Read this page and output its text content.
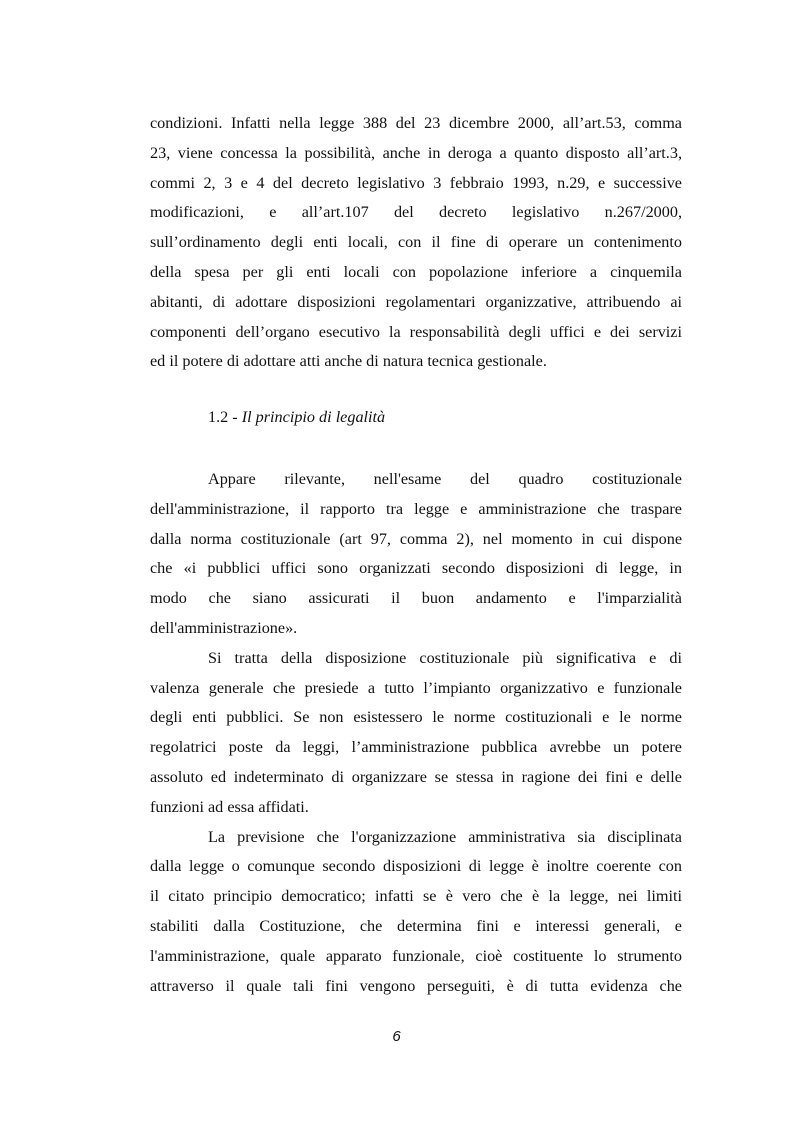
condizioni. Infatti nella legge 388 del 23 dicembre 2000, all’art.53, comma
23, viene concessa la possibilità, anche in deroga a quanto disposto all’art.3,
commi 2, 3 e 4 del decreto legislativo 3 febbraio 1993, n.29, e successive
modificazioni, e all’art.107 del decreto legislativo n.267/2000,
sull’ordinamento degli enti locali, con il fine di operare un contenimento
della spesa per gli enti locali con popolazione inferiore a cinquemila
abitanti, di adottare disposizioni regolamentari organizzative, attribuendo ai
componenti dell’organo esecutivo la responsabilità degli uffici e dei servizi
ed il potere di adottare atti anche di natura tecnica gestionale.
1.2 - Il principio di legalità
Appare rilevante, nell'esame del quadro costituzionale
dell'amministrazione, il rapporto tra legge e amministrazione che traspare
dalla norma costituzionale (art 97, comma 2), nel momento in cui dispone
che «i pubblici uffici sono organizzati secondo disposizioni di legge, in
modo che siano assicurati il buon andamento e l'imparzialità
dell'amministrazione».
Si tratta della disposizione costituzionale più significativa e di
valenza generale che presiede a tutto l’impianto organizzativo e funzionale
degli enti pubblici. Se non esistessero le norme costituzionali e le norme
regolatrici poste da leggi, l’amministrazione pubblica avrebbe un potere
assoluto ed indeterminato di organizzare se stessa in ragione dei fini e delle
funzioni ad essa affidati.
La previsione che l'organizzazione amministrativa sia disciplinata
dalla legge o comunque secondo disposizioni di legge è inoltre coerente con
il citato principio democratico; infatti se è vero che è la legge, nei limiti
stabiliti dalla Costituzione, che determina fini e interessi generali, e
l'amministrazione, quale apparato funzionale, cioè costituente lo strumento
attraverso il quale tali fini vengono perseguiti, è di tutta evidenza che
6
